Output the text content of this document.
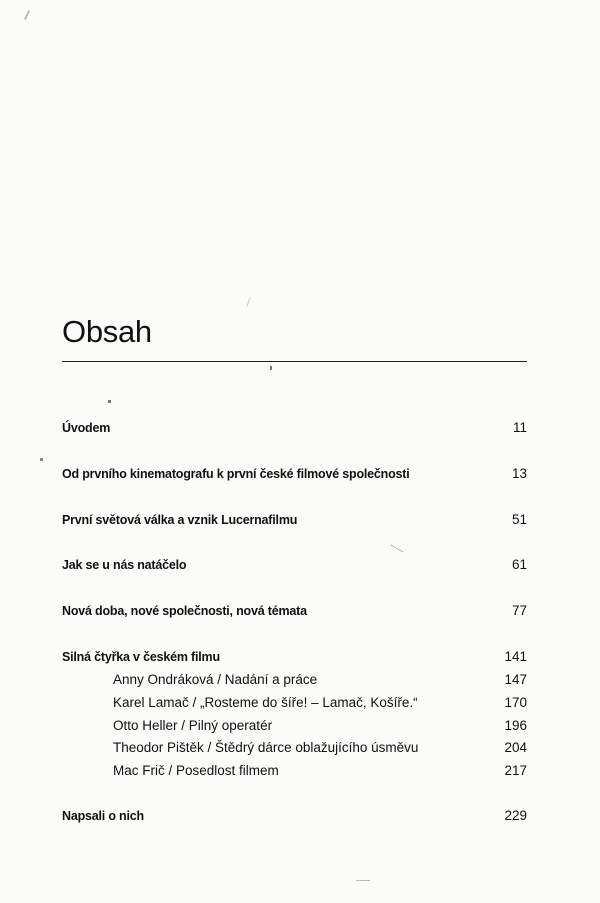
Obsah
Úvodem	11
Od prvního kinematografu k první české filmové společnosti	13
První světová válka a vznik Lucernafilmu	51
Jak se u nás natáčelo	61
Nová doba, nové společnosti, nová témata	77
Silná čtyřka v českém filmu	141
Anny Ondráková / Nadání a práce	147
Karel Lamač / „Rosteme do šíře! – Lamač, Košíře.“	170
Otto Heller / Pilný operatér	196
Theodor Pištěk / Štědrý dárce oblažujícího úsměvu	204
Mac Frič / Posedlost filmem	217
Napsali o nich	229
